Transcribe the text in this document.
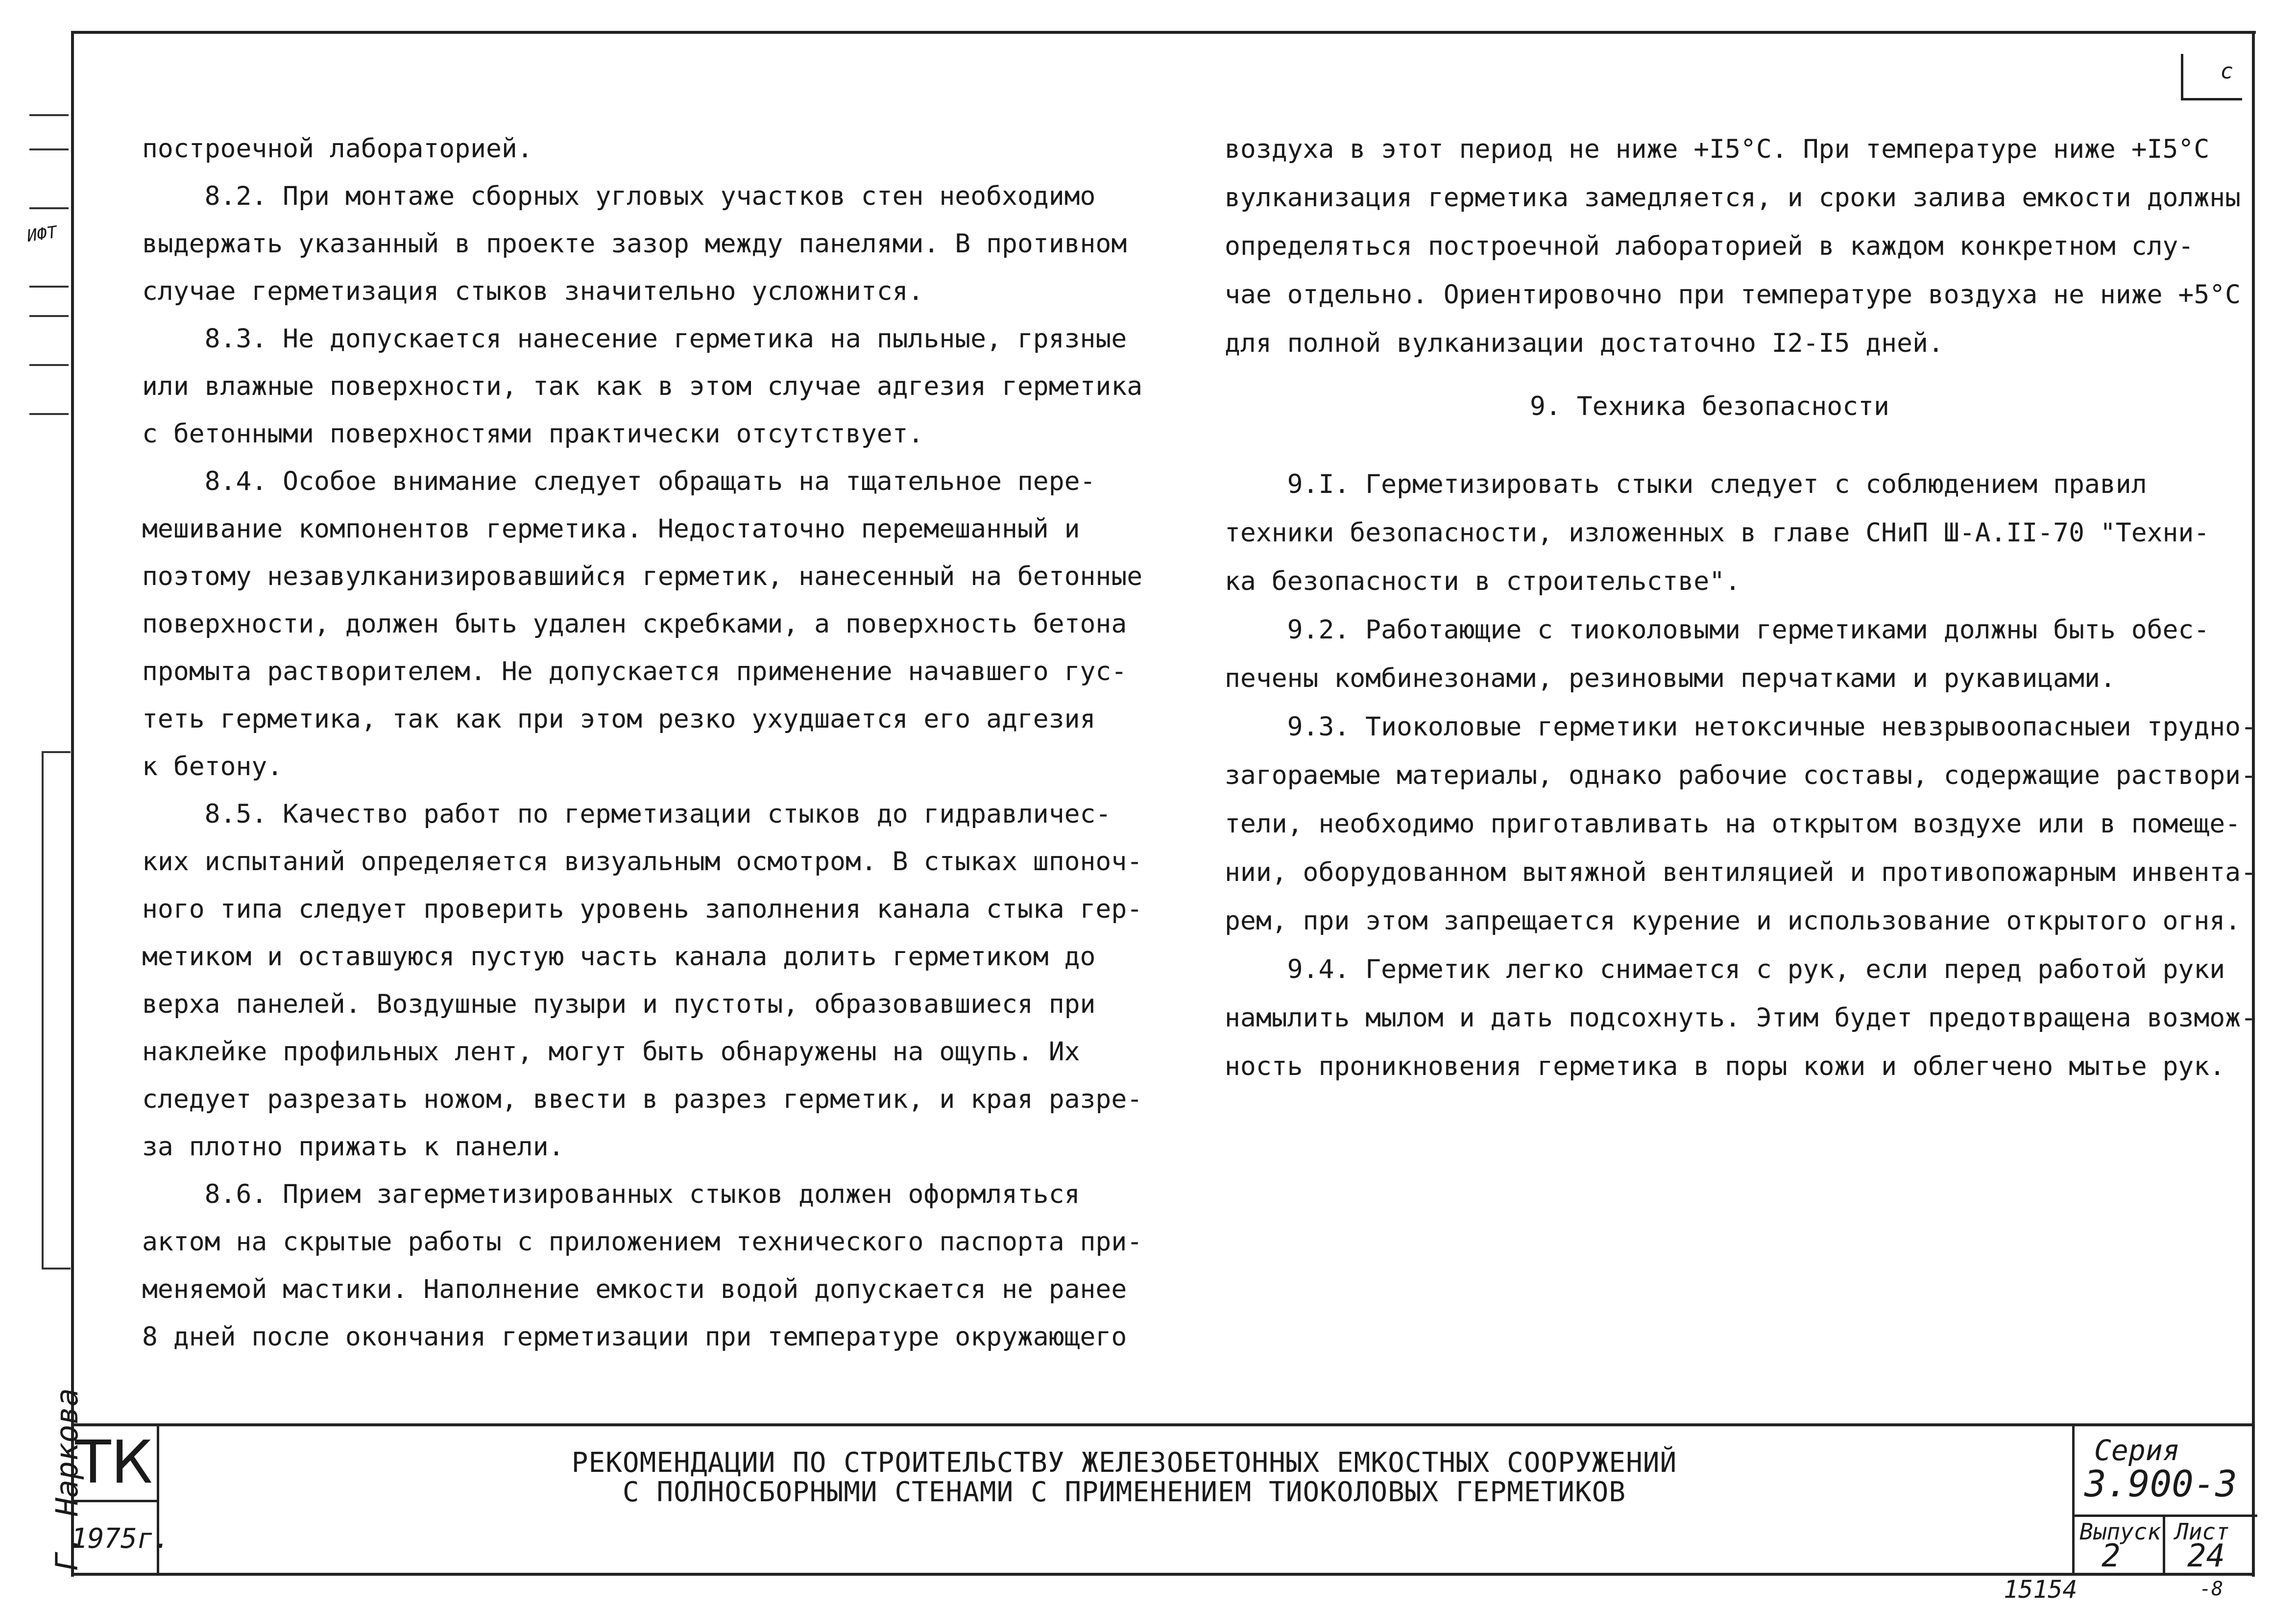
c
ИФТ
Г. Наркова
построечной лабораторией.
8.2. При монтаже сборных угловых участков стен необходимо
выдержать указанный в проекте зазор между панелями. В противном
случае герметизация стыков значительно усложнится.
8.3. Не допускается нанесение герметика на пыльные, грязные
или влажные поверхности, так как в этом случае адгезия герметика
с бетонными поверхностями практически отсутствует.
8.4. Особое внимание следует обращать на тщательное пере-
мешивание компонентов герметика. Недостаточно перемешанный и
поэтому незавулканизировавшийся герметик, нанесенный на бетонные
поверхности, должен быть удален скребками, а поверхность бетона
промыта растворителем. Не допускается применение начавшего гус-
теть герметика, так как при этом резко ухудшается его адгезия
к бетону.
8.5. Качество работ по герметизации стыков до гидравличес-
ких испытаний определяется визуальным осмотром. В стыках шпоноч-
ного типа следует проверить уровень заполнения канала стыка гер-
метиком и оставшуюся пустую часть канала долить герметиком до
верха панелей. Воздушные пузыри и пустоты, образовавшиеся при
наклейке профильных лент, могут быть обнаружены на ощупь. Их
следует разрезать ножом, ввести в разрез герметик, и края разре-
за плотно прижать к панели.
8.6. Прием загерметизированных стыков должен оформляться
актом на скрытые работы с приложением технического паспорта при-
меняемой мастики. Наполнение емкости водой допускается не ранее
8 дней после окончания герметизации при температуре окружающего
воздуха в этот период не ниже +I5°C. При температуре ниже +I5°C
вулканизация герметика замедляется, и сроки залива емкости должны
определяться построечной лабораторией в каждом конкретном слу-
чае отдельно. Ориентировочно при температуре воздуха не ниже +5°C
для полной вулканизации достаточно I2-I5 дней.
9. Техника безопасности
9.I. Герметизировать стыки следует с соблюдением правил
техники безопасности, изложенных в главе СНиП Ш-А.II-70 "Техни-
ка безопасности в строительстве".
9.2. Работающие с тиоколовыми герметиками должны быть обес-
печены комбинезонами, резиновыми перчатками и рукавицами.
9.3. Тиоколовые герметики нетоксичные невзрывоопасныеи трудно-
загораемые материалы, однако рабочие составы, содержащие раствори-
тели, необходимо приготавливать на открытом воздухе или в помеще-
нии, оборудованном вытяжной вентиляцией и противопожарным инвента-
рем, при этом запрещается курение и использование открытого огня.
9.4. Герметик легко снимается с рук, если перед работой руки
намылить мылом и дать подсохнуть. Этим будет предотвращена возмож-
ность проникновения герметика в поры кожи и облегчено мытье рук.
ТК
1975г.
РЕКОМЕНДАЦИИ ПО СТРОИТЕЛЬСТВУ ЖЕЛЕЗОБЕТОННЫХ ЕМКОСТНЫХ СООРУЖЕНИЙ
С ПОЛНОСБОРНЫМИ СТЕНАМИ С ПРИМЕНЕНИЕМ ТИОКОЛОВЫХ ГЕРМЕТИКОВ
Серия
3.900-3
Выпуск
2
Лист
24
15154	-8
